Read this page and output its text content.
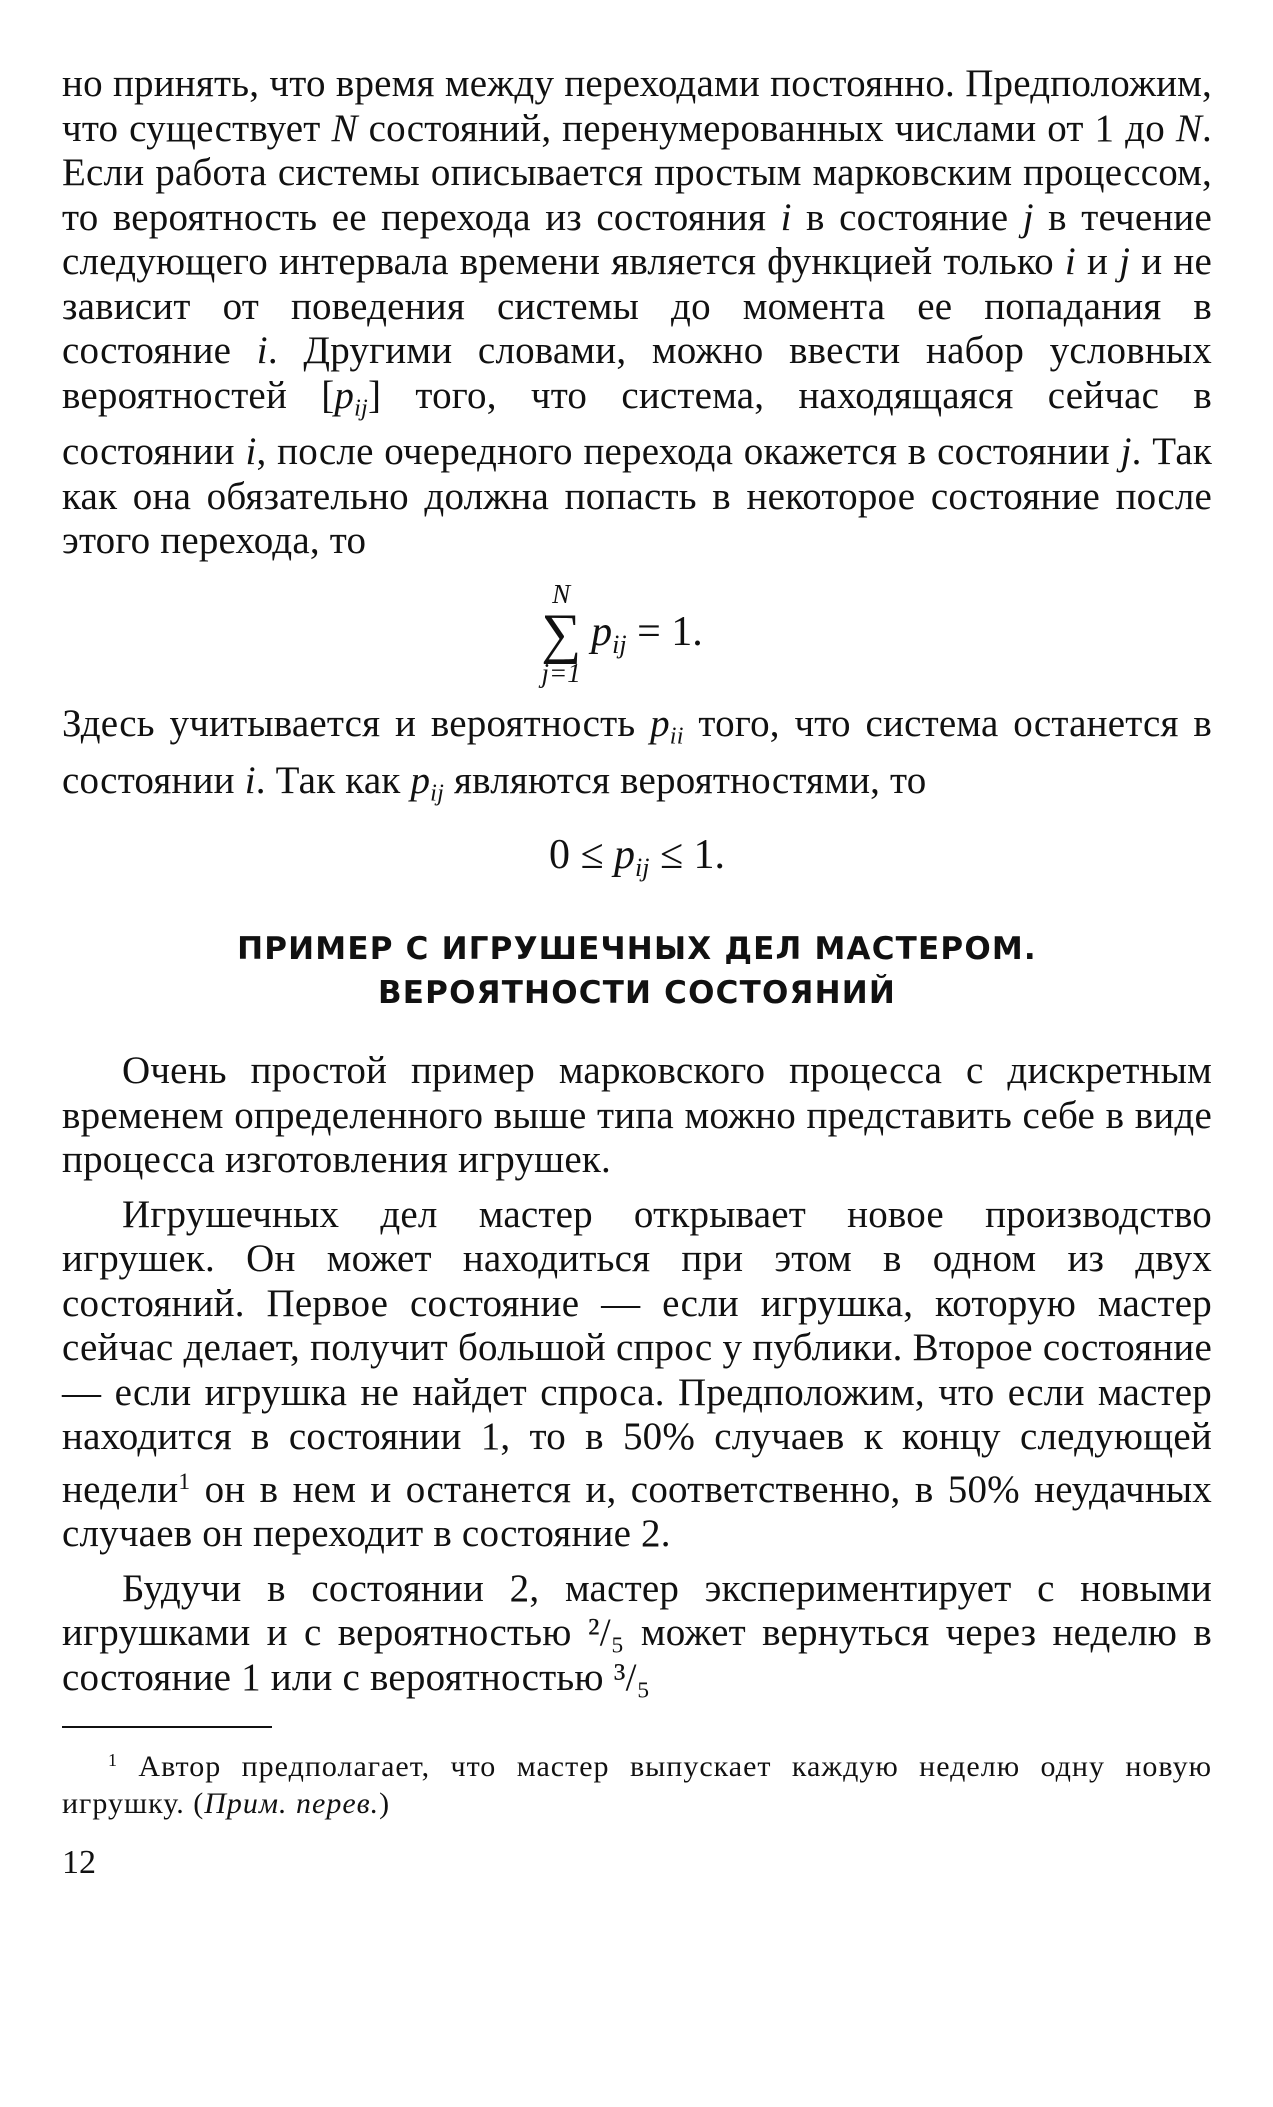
но принять, что время между переходами постоянно. Предположим, что существует N состояний, перенумерованных числами от 1 до N. Если работа системы описывается простым марковским процессом, то вероятность ее перехода из состояния i в состояние j в течение следующего интервала времени является функцией только i и j и не зависит от поведения системы до момента ее попадания в состояние i. Другими словами, можно ввести набор условных вероятностей $[p_{ij}]$ того, что система, находящаяся сейчас в состоянии i, после очередного перехода окажется в состоянии j. Так как она обязательно должна попасть в некоторое состояние после этого перехода, то

N
∑
j=1
$p_{ij} = 1$.

Здесь учитывается и вероятность $p_{ii}$ того, что система останется в состоянии i. Так как $p_{ij}$ являются вероятностями, то

$0 \le p_{ij} \le 1$.
ПРИМЕР С ИГРУШЕЧНЫХ ДЕЛ МАСТЕРОМ.
ВЕРОЯТНОСТИ СОСТОЯНИЙ

Очень простой пример марковского процесса с дискретным временем определенного выше типа можно представить себе в виде процесса изготовления игрушек.

Игрушечных дел мастер открывает новое производство игрушек. Он может находиться при этом в одном из двух состояний. Первое состояние — если игрушка, которую мастер сейчас делает, получит большой спрос у публики. Второе состояние — если игрушка не найдет спроса. Предположим, что если мастер находится в состоянии 1, то в 50% случаев к концу следующей недели$^1$ он в нем и останется и, соответственно, в 50% неудачных случаев он переходит в состояние 2.

Будучи в состоянии 2, мастер экспериментирует с новыми игрушками и с вероятностью ²/₅ может вернуться через неделю в состояние 1 или с вероятностью ³/₅

$^1$ Автор предполагает, что мастер выпускает каждую неделю одну новую игрушку. (Прим. перев.)

12
